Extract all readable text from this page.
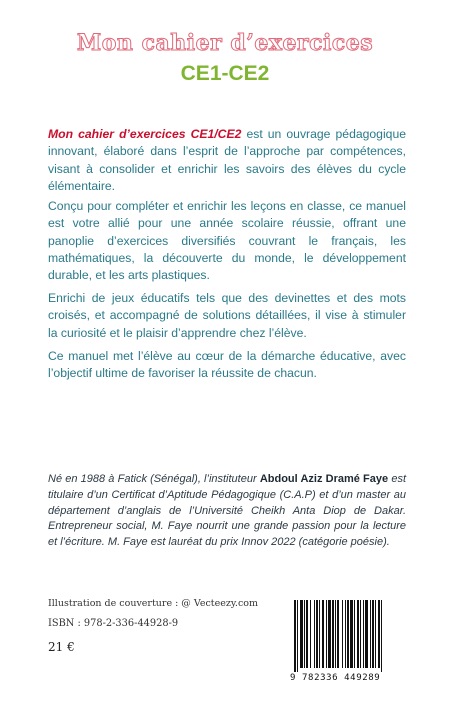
Mon cahier d’exercices
CE1-CE2
Mon cahier d’exercices CE1/CE2 est un ouvrage pédagogique innovant, élaboré dans l’esprit de l’approche par compétences, visant à consolider et enrichir les savoirs des élèves du cycle élémentaire.
Conçu pour compléter et enrichir les leçons en classe, ce manuel est votre allié pour une année scolaire réussie, offrant une panoplie d’exercices diversifiés couvrant le français, les mathématiques, la découverte du monde, le développement durable, et les arts plastiques.
Enrichi de jeux éducatifs tels que des devinettes et des mots croisés, et accompagné de solutions détaillées, il vise à stimuler la curiosité et le plaisir d’apprendre chez l’élève.
Ce manuel met l’élève au cœur de la démarche éducative, avec l’objectif ultime de favoriser la réussite de chacun.
Né en 1988 à Fatick (Sénégal), l’instituteur Abdoul Aziz Dramé Faye est titulaire d’un Certificat d’Aptitude Pédagogique (C.A.P) et d’un master au département d’anglais de l’Université Cheikh Anta Diop de Dakar. Entrepreneur social, M. Faye nourrit une grande passion pour la lecture et l’écriture. M. Faye est lauréat du prix Innov 2022 (catégorie poésie).
Illustration de couverture : @ Vecteezy.com
ISBN : 978-2-336-44928-9
21 €
9 782336 449289
